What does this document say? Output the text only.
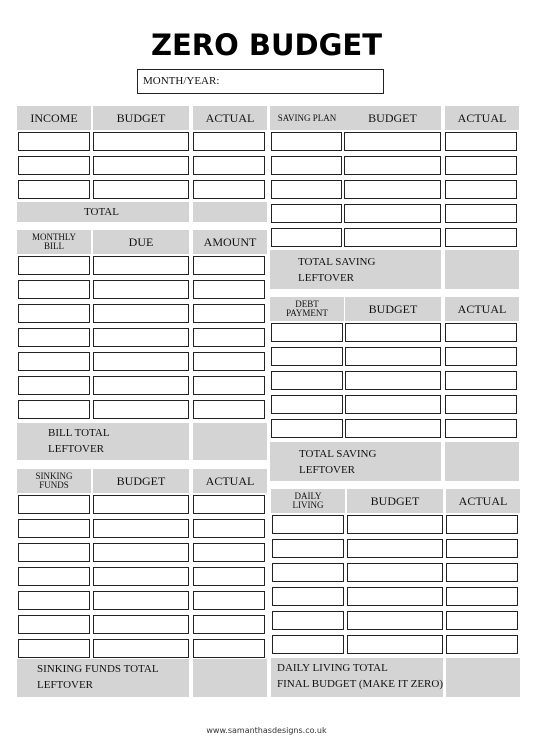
ZERO BUDGET
MONTH/YEAR:
INCOME	BUDGET	ACTUAL
TOTAL
MONTHLY BILL	DUE	AMOUNT
BILL TOTAL
LEFTOVER
SINKING FUNDS	BUDGET	ACTUAL
SINKING FUNDS TOTAL
LEFTOVER
SAVING PLAN	BUDGET	ACTUAL
TOTAL SAVING
LEFTOVER
DEBT PAYMENT	BUDGET	ACTUAL
TOTAL SAVING
LEFTOVER
DAILY LIVING	BUDGET	ACTUAL
DAILY LIVING TOTAL
FINAL BUDGET (MAKE IT ZERO)
www.samanthasdesigns.co.uk
